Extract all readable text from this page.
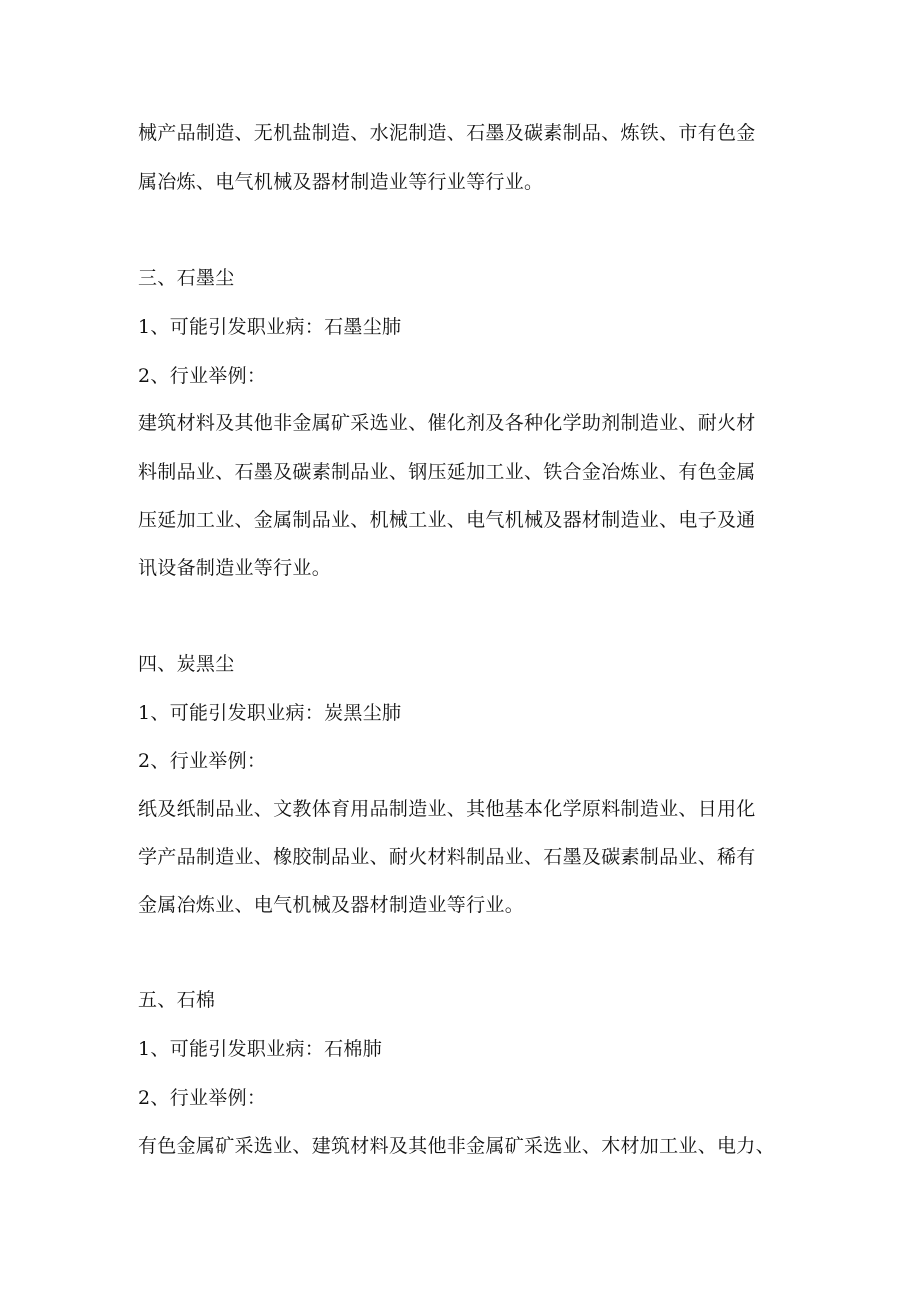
械产品制造、无机盐制造、水泥制造、石墨及碳素制品、炼铁、市有色金
属冶炼、电气机械及器材制造业等行业等行业。
三、石墨尘
1、可能引发职业病：石墨尘肺
2、行业举例：
建筑材料及其他非金属矿采选业、催化剂及各种化学助剂制造业、耐火材
料制品业、石墨及碳素制品业、钢压延加工业、铁合金冶炼业、有色金属
压延加工业、金属制品业、机械工业、电气机械及器材制造业、电子及通
讯设备制造业等行业。
四、炭黑尘
1、可能引发职业病：炭黑尘肺
2、行业举例：
纸及纸制品业、文教体育用品制造业、其他基本化学原料制造业、日用化
学产品制造业、橡胶制品业、耐火材料制品业、石墨及碳素制品业、稀有
金属冶炼业、电气机械及器材制造业等行业。
五、石棉
1、可能引发职业病：石棉肺
2、行业举例：
有色金属矿采选业、建筑材料及其他非金属矿采选业、木材加工业、电力、
